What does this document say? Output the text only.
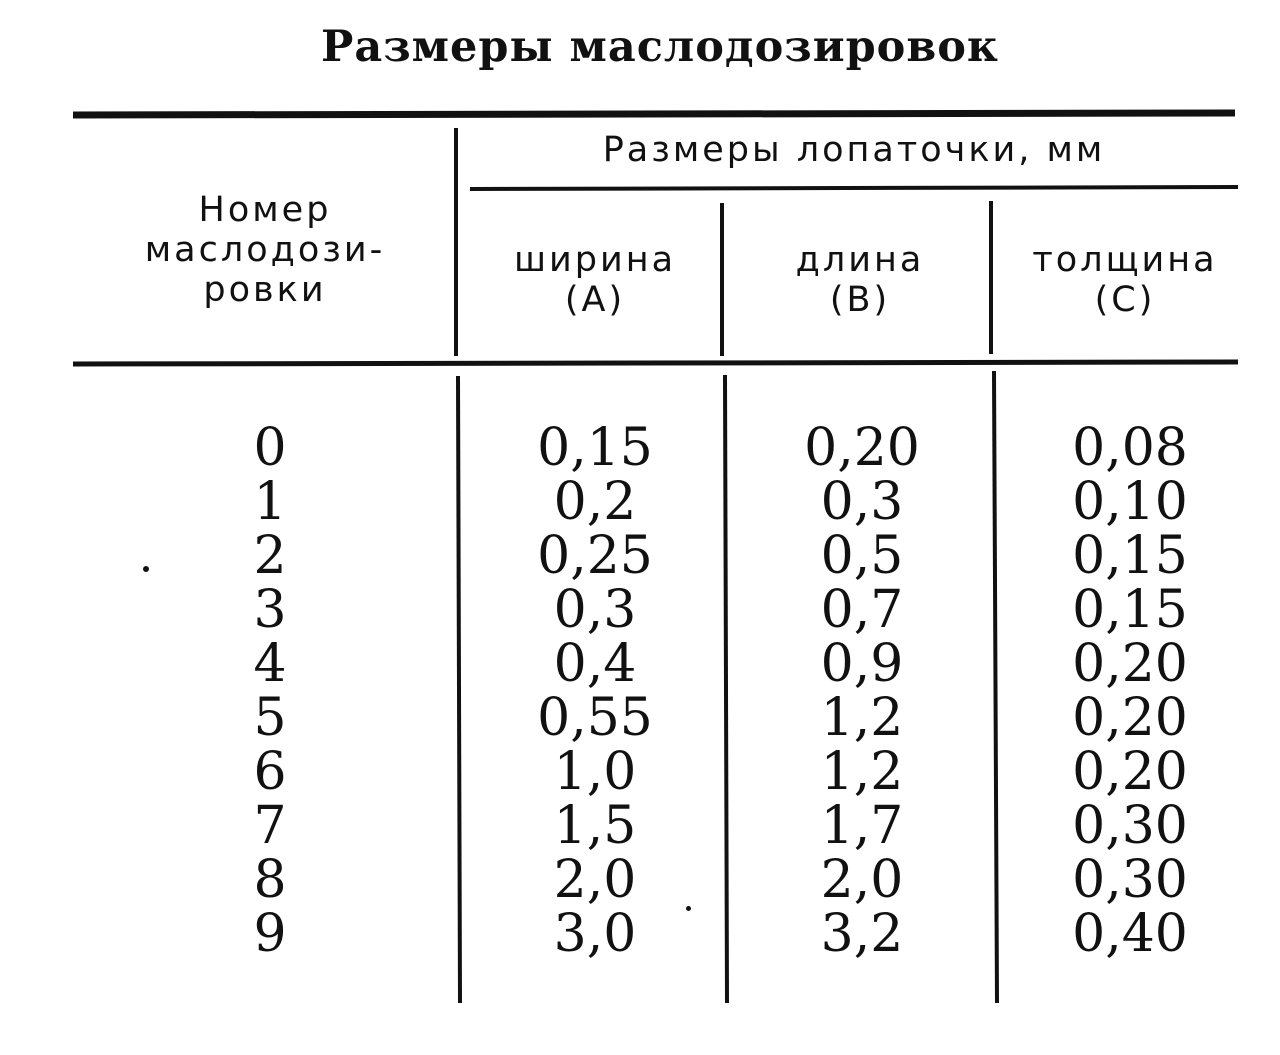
Размеры маслодозировок
Размеры лопаточки, мм
Номер
маслодози-
ровки
ширина
(A)
длина
(B)
толщина
(C)
0
1
2
3
4
5
6
7
8
9
0,15
0,2
0,25
0,3
0,4
0,55
1,0
1,5
2,0
3,0
0,20
0,3
0,5
0,7
0,9
1,2
1,2
1,7
2,0
3,2
0,08
0,10
0,15
0,15
0,20
0,20
0,20
0,30
0,30
0,40
